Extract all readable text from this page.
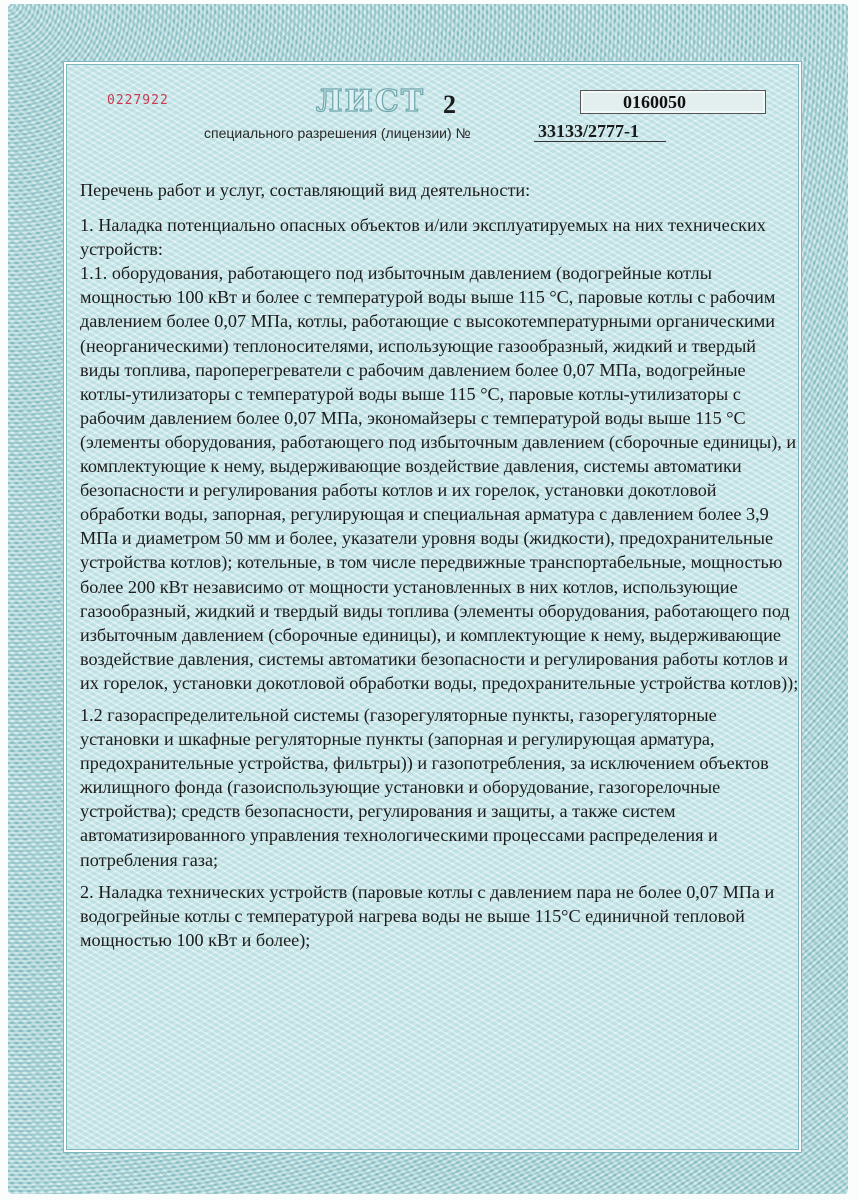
0227922	ЛИСТ 2	0160050
специального разрешения (лицензии) №	33133/2777-1

Перечень работ и услуг, составляющий вид деятельности:

1. Наладка потенциально опасных объектов и/или эксплуатируемых на них технических устройств:

1.1. оборудования, работающего под избыточным давлением (водогрейные котлы мощностью 100 кВт и более с температурой воды выше 115 °С, паровые котлы с рабочим давлением более 0,07 МПа, котлы, работающие с высокотемпературными органическими (неорганическими) теплоносителями, использующие газообразный, жидкий и твердый виды топлива, пароперегреватели с рабочим давлением более 0,07 МПа, водогрейные котлы-утилизаторы с температурой воды выше 115 °С, паровые котлы-утилизаторы с рабочим давлением более 0,07 МПа, экономайзеры с температурой воды выше 115 °С (элементы оборудования, работающего под избыточным давлением (сборочные единицы), и комплектующие к нему, выдерживающие воздействие давления, системы автоматики безопасности и регулирования работы котлов и их горелок, установки докотловой обработки воды, запорная, регулирующая и специальная арматура с давлением более 3,9 МПа и диаметром 50 мм и более, указатели уровня воды (жидкости), предохранительные устройства котлов); котельные, в том числе передвижные транспортабельные, мощностью более 200 кВт независимо от мощности установленных в них котлов, использующие газообразный, жидкий и твердый виды топлива (элементы оборудования, работающего под избыточным давлением (сборочные единицы), и комплектующие к нему, выдерживающие воздействие давления, системы автоматики безопасности и регулирования работы котлов и их горелок, установки докотловой обработки воды, предохранительные устройства котлов));

1.2 газораспределительной системы (газорегуляторные пункты, газорегуляторные установки и шкафные регуляторные пункты (запорная и регулирующая арматура, предохранительные устройства, фильтры)) и газопотребления, за исключением объектов жилищного фонда (газоиспользующие установки и оборудование, газогорелочные устройства); средств безопасности, регулирования и защиты, а также систем автоматизированного управления технологическими процессами распределения и потребления газа;

2. Наладка технических устройств (паровые котлы с давлением пара не более 0,07 МПа и водогрейные котлы с температурой нагрева воды не выше 115°С единичной тепловой мощностью 100 кВт и более);
